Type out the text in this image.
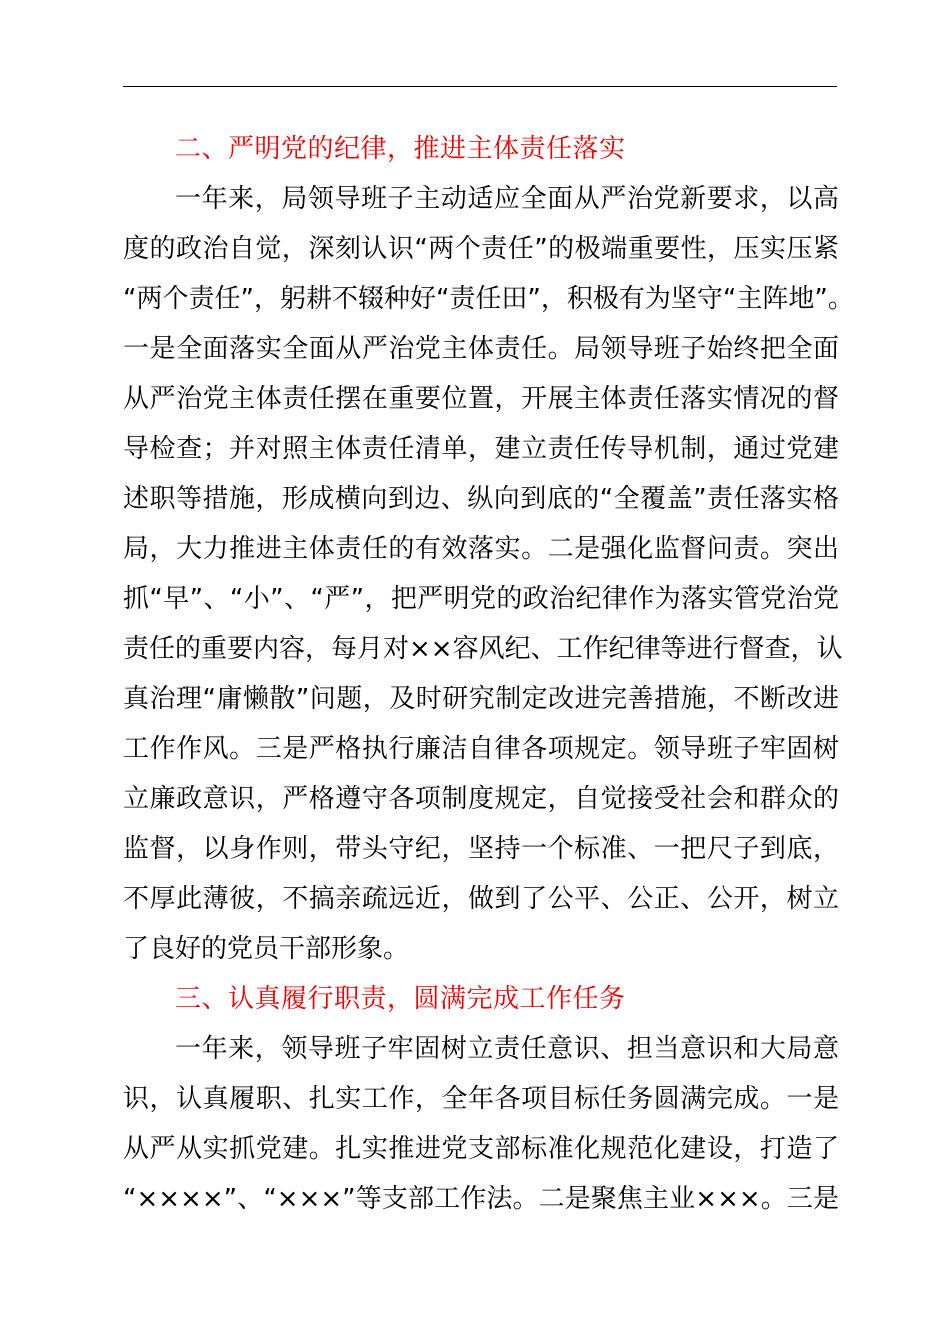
二、严明党的纪律，推进主体责任落实
一年来，局领导班子主动适应全面从严治党新要求，以高
度的政治自觉，深刻认识“两个责任”的极端重要性，压实压紧
“两个责任”，躬耕不辍种好“责任田”，积极有为坚守“主阵地”。
一是全面落实全面从严治党主体责任。局领导班子始终把全面
从严治党主体责任摆在重要位置，开展主体责任落实情况的督
导检查；并对照主体责任清单，建立责任传导机制，通过党建
述职等措施，形成横向到边、纵向到底的“全覆盖”责任落实格
局，大力推进主体责任的有效落实。二是强化监督问责。突出
抓“早”、“小”、“严”，把严明党的政治纪律作为落实管党治党
责任的重要内容，每月对××容风纪、工作纪律等进行督查，认
真治理“庸懒散”问题，及时研究制定改进完善措施，不断改进
工作作风。三是严格执行廉洁自律各项规定。领导班子牢固树
立廉政意识，严格遵守各项制度规定，自觉接受社会和群众的
监督，以身作则，带头守纪，坚持一个标准、一把尺子到底，
不厚此薄彼，不搞亲疏远近，做到了公平、公正、公开，树立
了良好的党员干部形象。
三、认真履行职责，圆满完成工作任务
一年来，领导班子牢固树立责任意识、担当意识和大局意
识，认真履职、扎实工作，全年各项目标任务圆满完成。一是
从严从实抓党建。扎实推进党支部标准化规范化建设，打造了
“××××”、“×××”等支部工作法。二是聚焦主业×××。三是
